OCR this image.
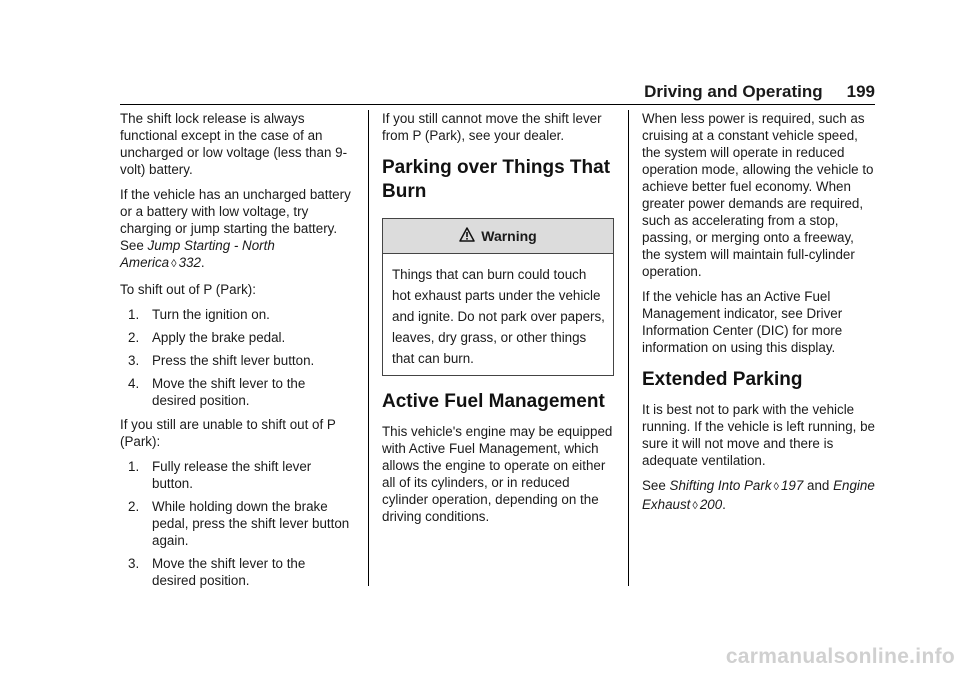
Driving and Operating 199

The shift lock release is always functional except in the case of an uncharged or low voltage (less than 9-volt) battery.

If the vehicle has an uncharged battery or a battery with low voltage, try charging or jump starting the battery. See Jump Starting - North America ◊ 332.

To shift out of P (Park):

1. Turn the ignition on.
2. Apply the brake pedal.
3. Press the shift lever button.
4. Move the shift lever to the desired position.

If you still are unable to shift out of P (Park):

1. Fully release the shift lever button.
2. While holding down the brake pedal, press the shift lever button again.
3. Move the shift lever to the desired position.

If you still cannot move the shift lever from P (Park), see your dealer.

Parking over Things That Burn
Warning
Things that can burn could touch hot exhaust parts under the vehicle and ignite. Do not park over papers, leaves, dry grass, or other things that can burn.
Active Fuel Management

This vehicle's engine may be equipped with Active Fuel Management, which allows the engine to operate on either all of its cylinders, or in reduced cylinder operation, depending on the driving conditions.

When less power is required, such as cruising at a constant vehicle speed, the system will operate in reduced operation mode, allowing the vehicle to achieve better fuel economy. When greater power demands are required, such as accelerating from a stop, passing, or merging onto a freeway, the system will maintain full-cylinder operation.

If the vehicle has an Active Fuel Management indicator, see Driver Information Center (DIC) for more information on using this display.

Extended Parking

It is best not to park with the vehicle running. If the vehicle is left running, be sure it will not move and there is adequate ventilation.

See Shifting Into Park ◊ 197 and Engine Exhaust ◊ 200.

carmanualsonline.info
